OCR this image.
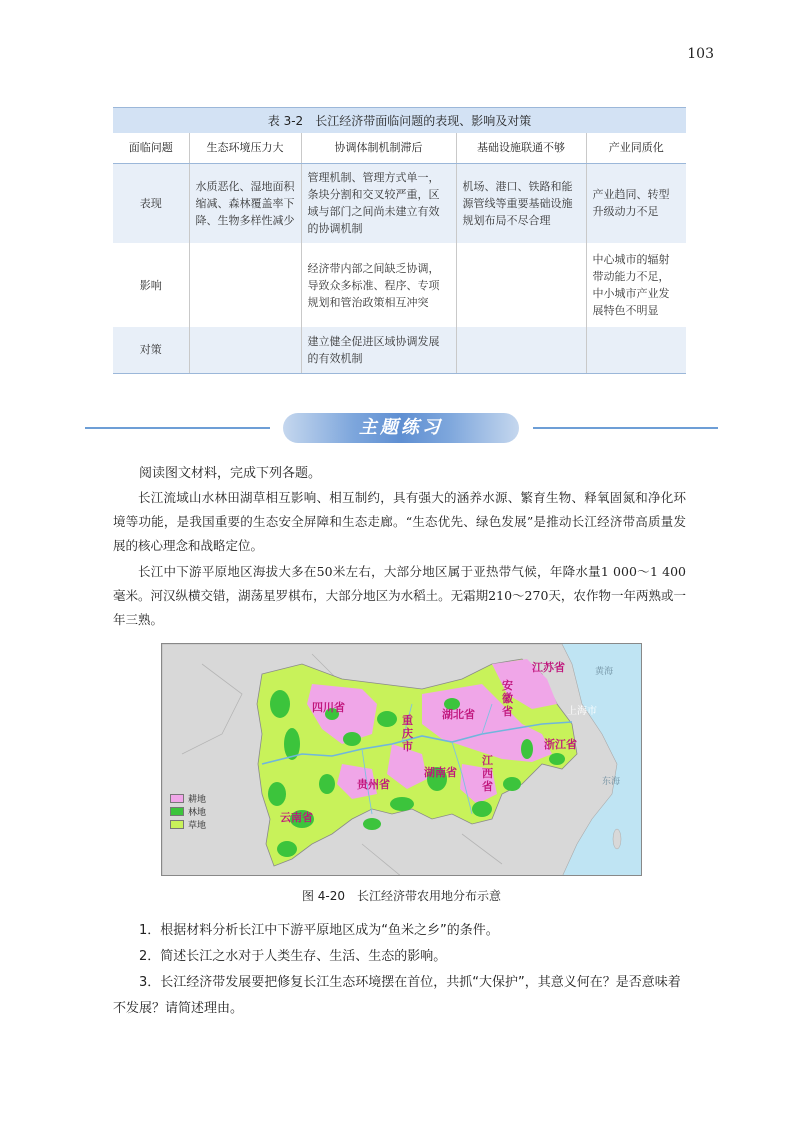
103
表 3-2　长江经济带面临问题的表现、影响及对策
面临问题	生态环境压力大	协调体制机制滞后	基础设施联通不够	产业同质化
表现	水质恶化、湿地面积缩减、森林覆盖率下降、生物多样性减少	管理机制、管理方式单一，条块分割和交叉较严重，区域与部门之间尚未建立有效的协调机制	机场、港口、铁路和能源管线等重要基础设施规划布局不尽合理	产业趋同、转型升级动力不足
影响		经济带内部之间缺乏协调，导致众多标准、程序、专项规划和管治政策相互冲突		中心城市的辐射带动能力不足，中小城市产业发展特色不明显
对策		建立健全促进区域协调发展的有效机制		
主题练习
阅读图文材料，完成下列各题。
长江流域山水林田湖草相互影响、相互制约，具有强大的涵养水源、繁育生物、释氧固氮和净化环境等功能，是我国重要的生态安全屏障和生态走廊。“生态优先、绿色发展”是推动长江经济带高质量发展的核心理念和战略定位。
长江中下游平原地区海拔大多在50米左右，大部分地区属于亚热带气候，年降水量1 000～1 400毫米。河汉纵横交错，湖荡星罗棋布，大部分地区为水稻土。无霜期210～270天，农作物一年两熟或一年三熟。
四川省
重
庆
市
湖北省
安
徽
省
江苏省
上海市
浙江省
江
西
省
湖南省
贵州省
云南省
黄海
东海
耕地
林地
草地
图 4-20　长江经济带农用地分布示意
1．根据材料分析长江中下游平原地区成为“鱼米之乡”的条件。
2．简述长江之水对于人类生存、生活、生态的影响。
3．长江经济带发展要把修复长江生态环境摆在首位，共抓“大保护”，其意义何在？是否意味着不发展？请简述理由。
